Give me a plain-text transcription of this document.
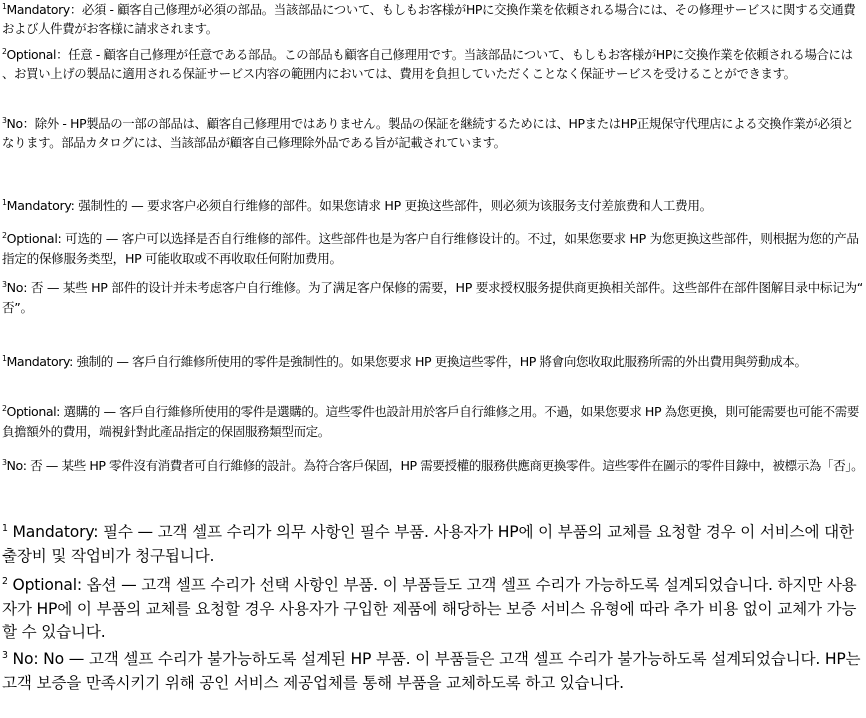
$^1$Mandatory：必須 - 顧客自己修理が必須の部品。当該部品について、もしもお客様がHPに交換作業を依頼される場合には、その修理サービスに関する交通費および人件費がお客様に請求されます。

$^2$Optional：任意 - 顧客自己修理が任意である部品。この部品も顧客自己修理用です。当該部品について、もしもお客様がHPに交換作業を依頼される場合には、お買い上げの製品に適用される保証サービス内容の範囲内においては、費用を負担していただくことなく保証サービスを受けることができます。

$^3$No：除外 - HP製品の一部の部品は、顧客自己修理用ではありません。製品の保証を継続するためには、HPまたはHP正規保守代理店による交換作業が必須となります。部品カタログには、当該部品が顧客自己修理除外品である旨が記載されています。

$^1$Mandatory: 强制性的 — 要求客户必须自行维修的部件。如果您请求 HP 更换这些部件，则必须为该服务支付差旅费和人工费用。

$^2$Optional: 可选的 — 客户可以选择是否自行维修的部件。这些部件也是为客户自行维修设计的。不过，如果您要求 HP 为您更换这些部件，则根据为您的产品指定的保修服务类型，HP 可能收取或不再收取任何附加费用。

$^3$No: 否 — 某些 HP 部件的设计并未考虑客户自行维修。为了满足客户保修的需要，HP 要求授权服务提供商更换相关部件。这些部件在部件图解目录中标记为“否”。

$^1$Mandatory: 強制的 — 客戶自行維修所使用的零件是強制性的。如果您要求 HP 更換這些零件，HP 將會向您收取此服務所需的外出費用與勞動成本。

$^2$Optional: 選購的 — 客戶自行維修所使用的零件是選購的。這些零件也設計用於客戶自行維修之用。不過，如果您要求 HP 為您更換，則可能需要也可能不需要負擔額外的費用，端視針對此產品指定的保固服務類型而定。

$^3$No: 否 — 某些 HP 零件沒有消費者可自行維修的設計。為符合客戶保固，HP 需要授權的服務供應商更換零件。這些零件在圖示的零件目錄中，被標示為「否」。

$^1$ Mandatory: 필수 — 고객 셀프 수리가 의무 사항인 필수 부품. 사용자가 HP에 이 부품의 교체를 요청할 경우 이 서비스에 대한 출장비 및 작업비가 청구됩니다.

$^2$ Optional: 옵션 — 고객 셀프 수리가 선택 사항인 부품. 이 부품들도 고객 셀프 수리가 가능하도록 설계되었습니다. 하지만 사용자가 HP에 이 부품의 교체를 요청할 경우 사용자가 구입한 제품에 해당하는 보증 서비스 유형에 따라 추가 비용 없이 교체가 가능할 수 있습니다.

$^3$ No: No — 고객 셀프 수리가 불가능하도록 설계된 HP 부품. 이 부품들은 고객 셀프 수리가 불가능하도록 설계되었습니다. HP는 고객 보증을 만족시키기 위해 공인 서비스 제공업체를 통해 부품을 교체하도록 하고 있습니다.
